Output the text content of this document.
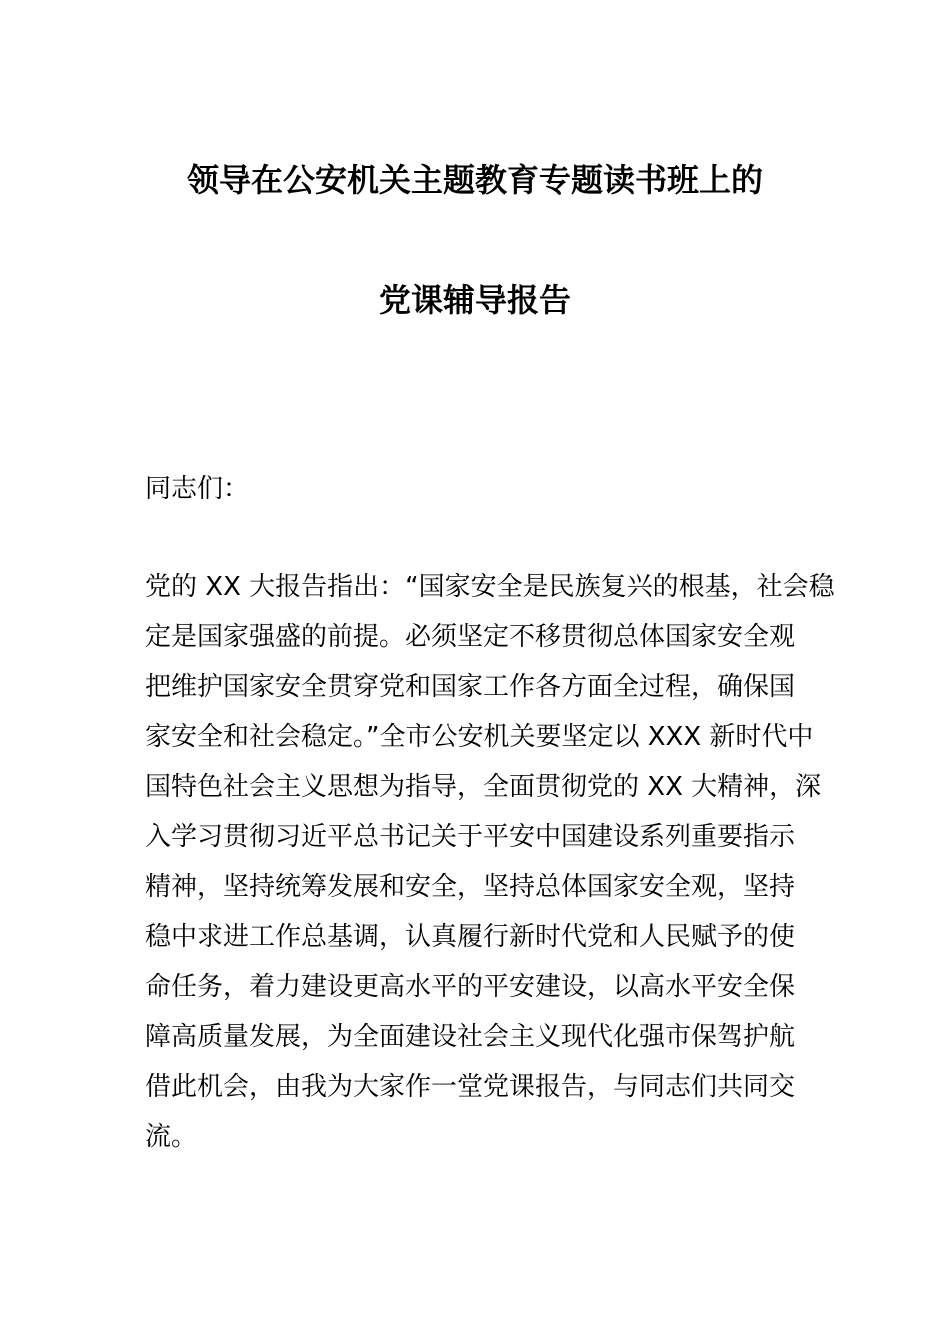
领导在公安机关主题教育专题读书班上的
党课辅导报告
同志们：
党的 XX 大报告指出：“国家安全是民族复兴的根基，社会稳
定是国家强盛的前提。必须坚定不移贯彻总体国家安全观
把维护国家安全贯穿党和国家工作各方面全过程，确保国
家安全和社会稳定。”全市公安机关要坚定以 XXX 新时代中
国特色社会主义思想为指导，全面贯彻党的 XX 大精神，深
入学习贯彻习近平总书记关于平安中国建设系列重要指示
精神，坚持统筹发展和安全，坚持总体国家安全观，坚持
稳中求进工作总基调，认真履行新时代党和人民赋予的使
命任务，着力建设更高水平的平安建设，以高水平安全保
障高质量发展，为全面建设社会主义现代化强市保驾护航
借此机会，由我为大家作一堂党课报告，与同志们共同交
流。
